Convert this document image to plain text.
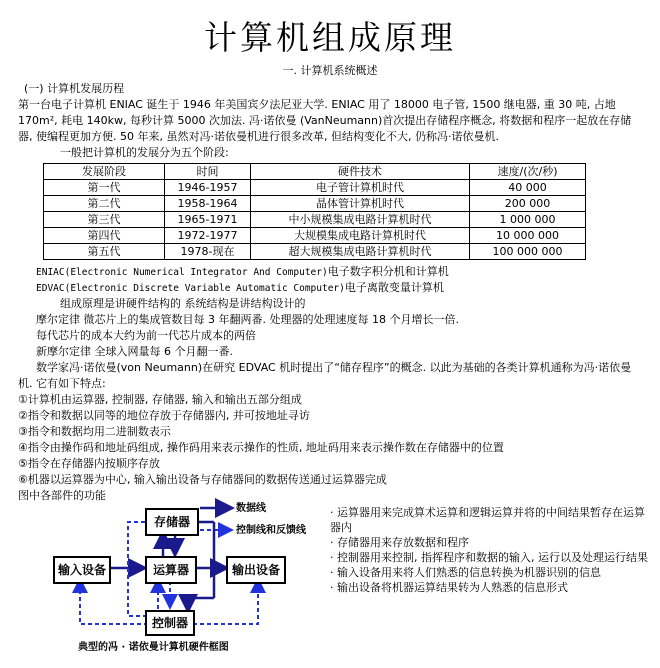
计算机组成原理
一. 计算机系统概述
(一) 计算机发展历程
第一台电子计算机 ENIAC 诞生于 1946 年美国宾夕法尼亚大学. ENIAC 用了 18000 电子管, 1500 继电器, 重 30 吨, 占地 170m², 耗电 140kw, 每秒计算 5000 次加法. 冯·诺依曼 (VanNeumann)首次提出存储程序概念, 将数据和程序一起放在存储器, 使编程更加方便. 50 年来, 虽然对冯·诺依曼机进行很多改革, 但结构变化不大, 仍称冯·诺依曼机.
一般把计算机的发展分为五个阶段:
发展阶段	时间	硬件技术	速度/(次/秒)
第一代	1946-1957	电子管计算机时代	40 000
第二代	1958-1964	晶体管计算机时代	200 000
第三代	1965-1971	中小规模集成电路计算机时代	1 000 000
第四代	1972-1977	大规模集成电路计算机时代	10 000 000
第五代	1978-现在	超大规模集成电路计算机时代	100 000 000
ENIAC(Electronic Numerical Integrator And Computer)电子数字积分机和计算机
EDVAC(Electronic Discrete Variable Automatic Computer)电子离散变量计算机
组成原理是讲硬件结构的 系统结构是讲结构设计的
摩尔定律 微芯片上的集成管数目每 3 年翻两番. 处理器的处理速度每 18 个月增长一倍.
每代芯片的成本大约为前一代芯片成本的两倍
新摩尔定律 全球入网量每 6 个月翻一番.
数学家冯·诺依曼(von Neumann)在研究 EDVAC 机时提出了“储存程序”的概念. 以此为基础的各类计算机通称为冯·诺依曼机. 它有如下特点:
①计算机由运算器, 控制器, 存储器, 输入和输出五部分组成
②指令和数据以同等的地位存放于存储器内, 并可按地址寻访
③指令和数据均用二进制数表示
④指令由操作码和地址码组成, 操作码用来表示操作的性质, 地址码用来表示操作数在存储器中的位置
⑤指令在存储器内按顺序存放
⑥机器以运算器为中心, 输入输出设备与存储器间的数据传送通过运算器完成
图中各部件的功能
存储器
输入设备	运算器	输出设备
控制器
数据线
控制线和反馈线
典型的冯 · 诺依曼计算机硬件框图
· 运算器用来完成算术运算和逻辑运算并将的中间结果暂存在运算器内
· 存储器用来存放数据和程序
· 控制器用来控制, 指挥程序和数据的输入, 运行以及处理运行结果
· 输入设备用来将人们熟悉的信息转换为机器识别的信息
· 输出设备将机器运算结果转为人熟悉的信息形式
